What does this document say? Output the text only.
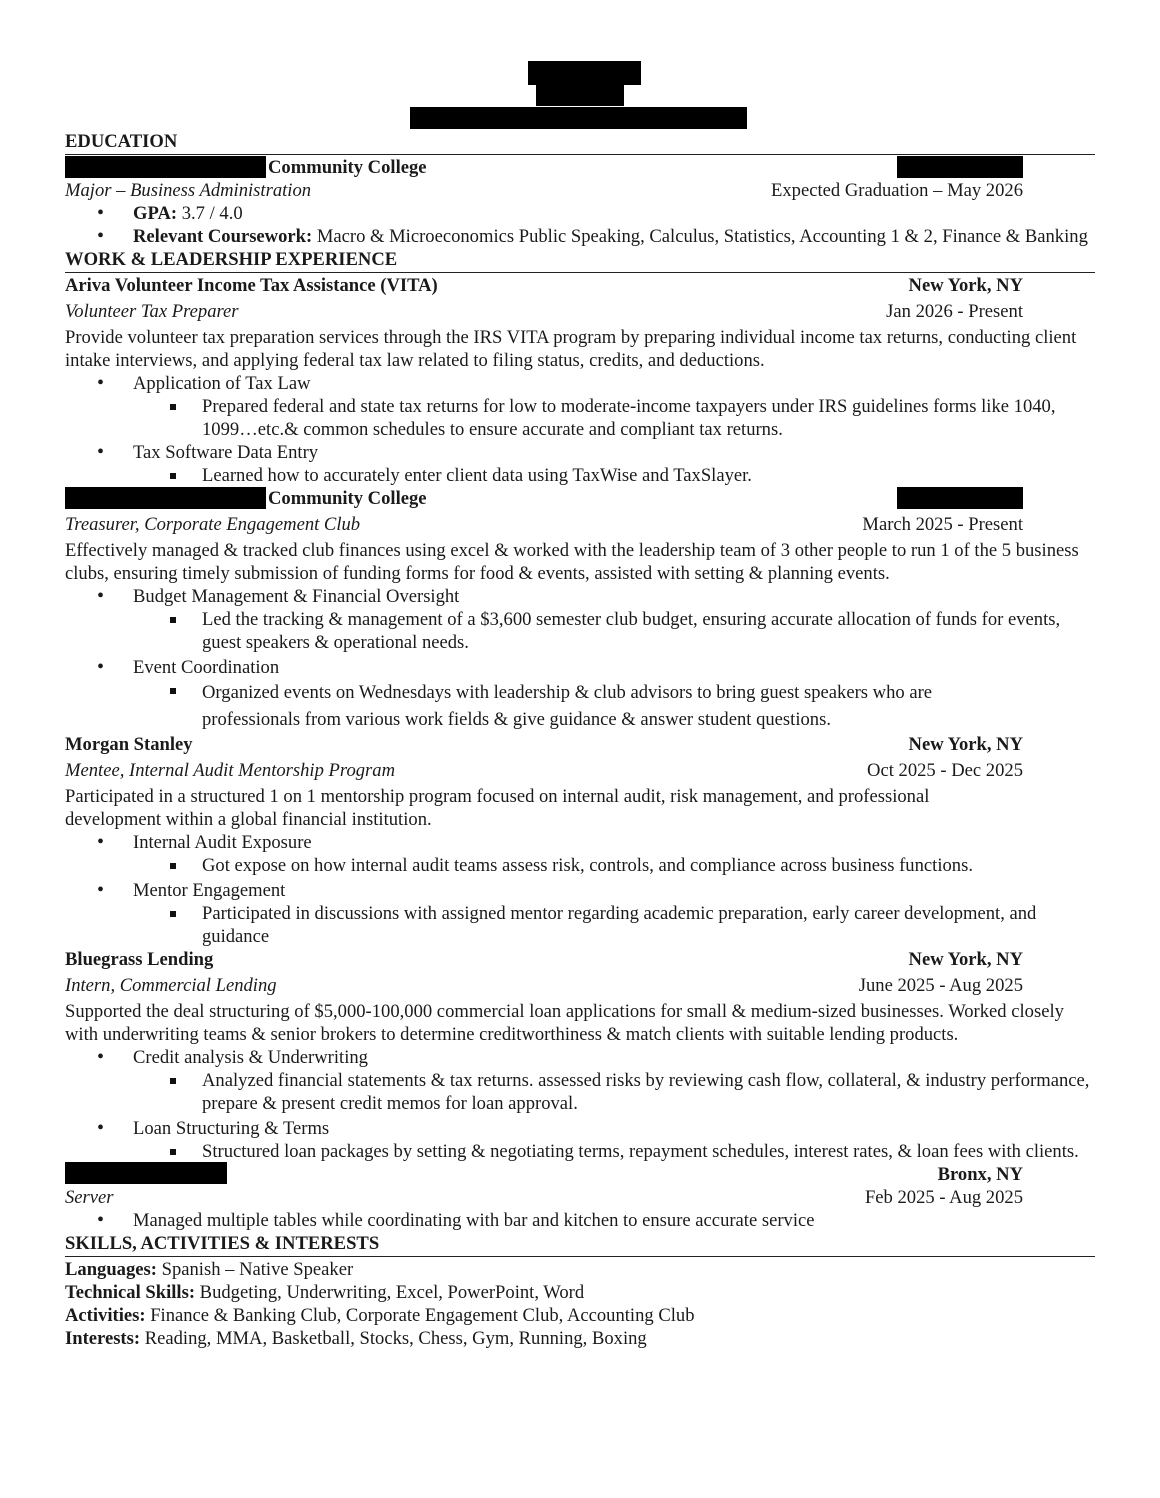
EDUCATION
Community College
Major – Business Administration	Expected Graduation – May 2026
• GPA: 3.7 / 4.0
• Relevant Coursework: Macro & Microeconomics Public Speaking, Calculus, Statistics, Accounting 1 & 2, Finance & Banking
WORK & LEADERSHIP EXPERIENCE
Ariva Volunteer Income Tax Assistance (VITA)	New York, NY
Volunteer Tax Preparer	Jan 2026 - Present
Provide volunteer tax preparation services through the IRS VITA program by preparing individual income tax returns, conducting client intake interviews, and applying federal tax law related to filing status, credits, and deductions.
• Application of Tax Law
Prepared federal and state tax returns for low to moderate-income taxpayers under IRS guidelines forms like 1040, 1099…etc.& common schedules to ensure accurate and compliant tax returns.
• Tax Software Data Entry
Learned how to accurately enter client data using TaxWise and TaxSlayer.
Community College
Treasurer, Corporate Engagement Club	March 2025 - Present
Effectively managed & tracked club finances using excel & worked with the leadership team of 3 other people to run 1 of the 5 business clubs, ensuring timely submission of funding forms for food & events, assisted with setting & planning events.
• Budget Management & Financial Oversight
Led the tracking & management of a $3,600 semester club budget, ensuring accurate allocation of funds for events, guest speakers & operational needs.
• Event Coordination
Organized events on Wednesdays with leadership & club advisors to bring guest speakers who are professionals from various work fields & give guidance & answer student questions.
Morgan Stanley	New York, NY
Mentee, Internal Audit Mentorship Program	Oct 2025 - Dec 2025
Participated in a structured 1 on 1 mentorship program focused on internal audit, risk management, and professional development within a global financial institution.
• Internal Audit Exposure
Got expose on how internal audit teams assess risk, controls, and compliance across business functions.
• Mentor Engagement
Participated in discussions with assigned mentor regarding academic preparation, early career development, and guidance
Bluegrass Lending	New York, NY
Intern, Commercial Lending	June 2025 - Aug 2025
Supported the deal structuring of $5,000-100,000 commercial loan applications for small & medium-sized businesses. Worked closely with underwriting teams & senior brokers to determine creditworthiness & match clients with suitable lending products.
• Credit analysis & Underwriting
Analyzed financial statements & tax returns. assessed risks by reviewing cash flow, collateral, & industry performance, prepare & present credit memos for loan approval.
• Loan Structuring & Terms
Structured loan packages by setting & negotiating terms, repayment schedules, interest rates, & loan fees with clients.
Bronx, NY
Server	Feb 2025 - Aug 2025
• Managed multiple tables while coordinating with bar and kitchen to ensure accurate service
SKILLS, ACTIVITIES & INTERESTS
Languages: Spanish – Native Speaker
Technical Skills: Budgeting, Underwriting, Excel, PowerPoint, Word
Activities: Finance & Banking Club, Corporate Engagement Club, Accounting Club
Interests: Reading, MMA, Basketball, Stocks, Chess, Gym, Running, Boxing
